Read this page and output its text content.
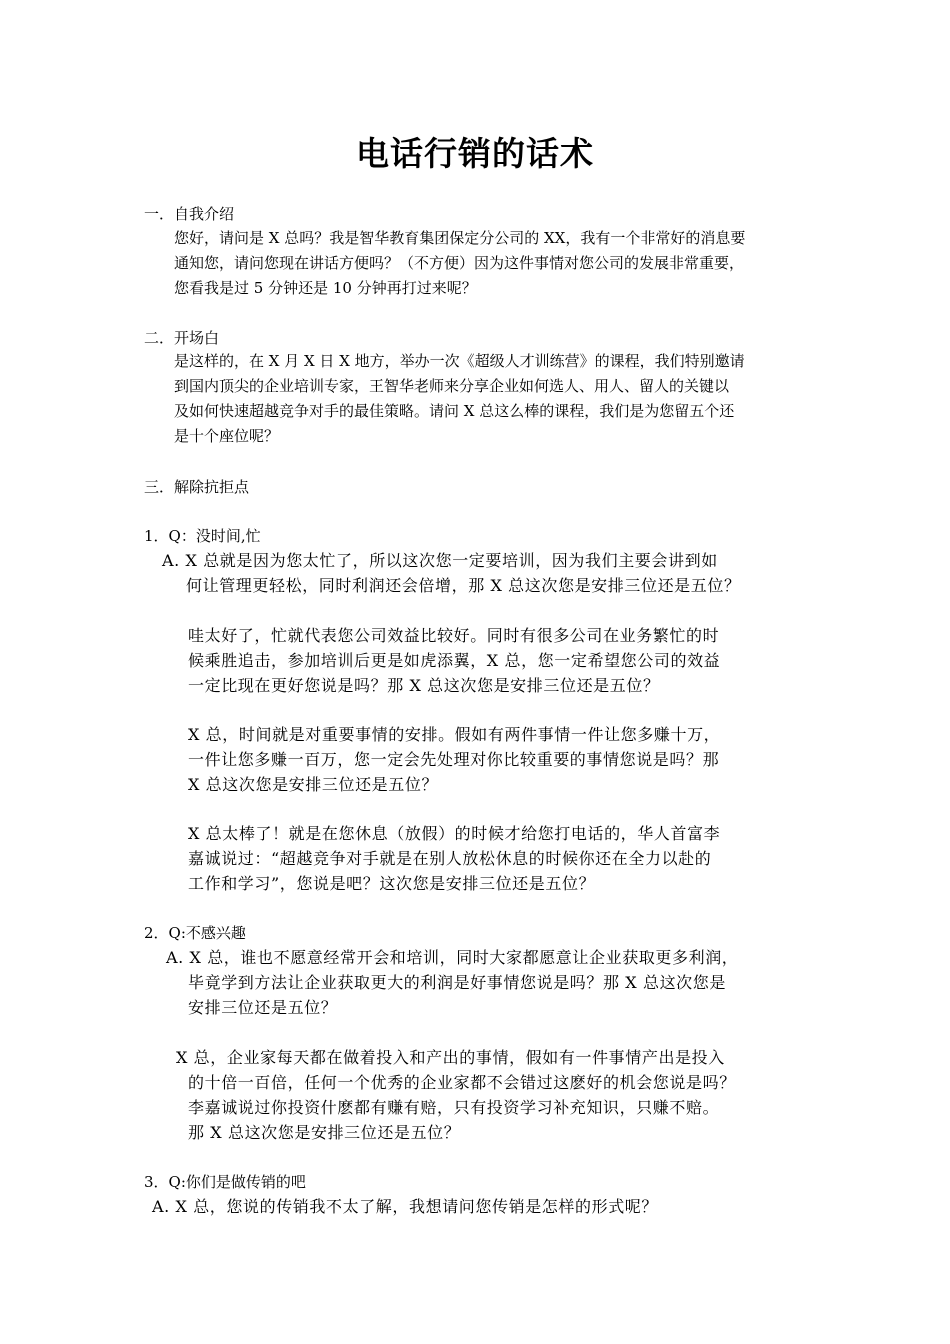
电话行销的话术
一．自我介绍
您好，请问是 X 总吗？我是智华教育集团保定分公司的 XX，我有一个非常好的消息要
通知您，请问您现在讲话方便吗？（不方便）因为这件事情对您公司的发展非常重要，
您看我是过 5 分钟还是 10 分钟再打过来呢？
二．开场白
是这样的，在 X 月 X 日 X 地方，举办一次《超级人才训练营》的课程，我们特别邀请
到国内顶尖的企业培训专家，王智华老师来分享企业如何选人、用人、留人的关键以
及如何快速超越竞争对手的最佳策略。请问 X 总这么棒的课程，我们是为您留五个还
是十个座位呢？
三．解除抗拒点
1．Q：没时间,忙
A. X 总就是因为您太忙了，所以这次您一定要培训，因为我们主要会讲到如
何让管理更轻松，同时利润还会倍增，那 X 总这次您是安排三位还是五位？
哇太好了，忙就代表您公司效益比较好。同时有很多公司在业务繁忙的时
候乘胜追击，参加培训后更是如虎添翼，X 总，您一定希望您公司的效益
一定比现在更好您说是吗？那 X 总这次您是安排三位还是五位？
X 总，时间就是对重要事情的安排。假如有两件事情一件让您多赚十万，
一件让您多赚一百万，您一定会先处理对你比较重要的事情您说是吗？那
X 总这次您是安排三位还是五位？
X 总太棒了！就是在您休息（放假）的时候才给您打电话的，华人首富李
嘉诚说过：“超越竞争对手就是在别人放松休息的时候你还在全力以赴的
工作和学习”，您说是吧？这次您是安排三位还是五位？
2．Q:不感兴趣
A. X 总，谁也不愿意经常开会和培训，同时大家都愿意让企业获取更多利润，
毕竟学到方法让企业获取更大的利润是好事情您说是吗？那 X 总这次您是
安排三位还是五位？
X 总，企业家每天都在做着投入和产出的事情，假如有一件事情产出是投入
的十倍一百倍，任何一个优秀的企业家都不会错过这麽好的机会您说是吗？
李嘉诚说过你投资什麽都有赚有赔，只有投资学习补充知识，只赚不赔。
那 X 总这次您是安排三位还是五位？
3．Q:你们是做传销的吧
A. X 总，您说的传销我不太了解，我想请问您传销是怎样的形式呢？
